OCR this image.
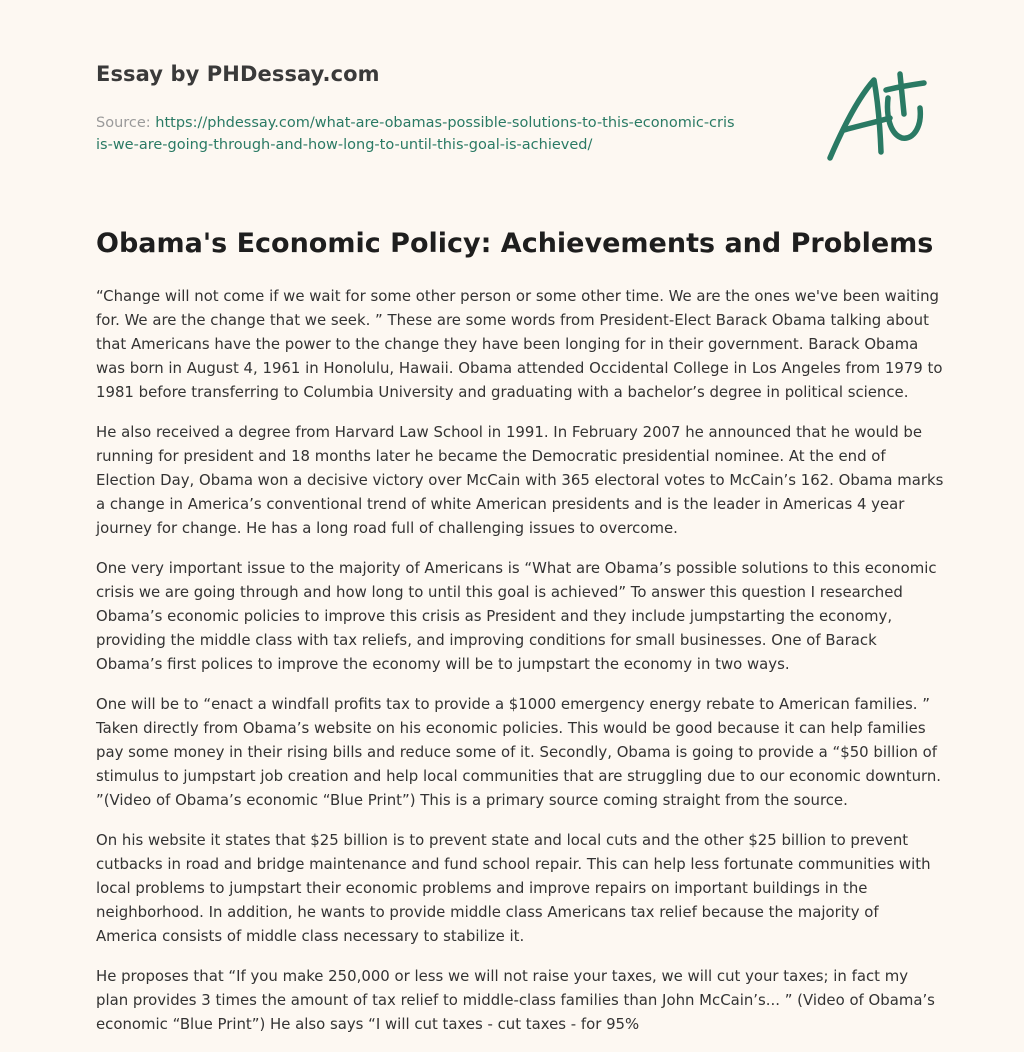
Essay by PHDessay.com
Source: https://phdessay.com/what-are-obamas-possible-solutions-to-this-economic-crisis-we-are-going-through-and-how-long-to-until-this-goal-is-achieved/
Obama's Economic Policy: Achievements and Problems

“Change will not come if we wait for some other person or some other time. We are the ones we've been waiting for. We are the change that we seek. ” These are some words from President-Elect Barack Obama talking about that Americans have the power to the change they have been longing for in their government. Barack Obama was born in August 4, 1961 in Honolulu, Hawaii. Obama attended Occidental College in Los Angeles from 1979 to 1981 before transferring to Columbia University and graduating with a bachelor’s degree in political science.

He also received a degree from Harvard Law School in 1991. In February 2007 he announced that he would be running for president and 18 months later he became the Democratic presidential nominee. At the end of Election Day, Obama won a decisive victory over McCain with 365 electoral votes to McCain’s 162. Obama marks a change in America’s conventional trend of white American presidents and is the leader in Americas 4 year journey for change. He has a long road full of challenging issues to overcome.

One very important issue to the majority of Americans is “What are Obama’s possible solutions to this economic crisis we are going through and how long to until this goal is achieved” To answer this question I researched Obama’s economic policies to improve this crisis as President and they include jumpstarting the economy, providing the middle class with tax reliefs, and improving conditions for small businesses. One of Barack Obama’s first polices to improve the economy will be to jumpstart the economy in two ways.

One will be to “enact a windfall profits tax to provide a $1000 emergency energy rebate to American families. ” Taken directly from Obama’s website on his economic policies. This would be good because it can help families pay some money in their rising bills and reduce some of it. Secondly, Obama is going to provide a “$50 billion of stimulus to jumpstart job creation and help local communities that are struggling due to our economic downturn. ”(Video of Obama’s economic “Blue Print”) This is a primary source coming straight from the source.

On his website it states that $25 billion is to prevent state and local cuts and the other $25 billion to prevent cutbacks in road and bridge maintenance and fund school repair. This can help less fortunate communities with local problems to jumpstart their economic problems and improve repairs on important buildings in the neighborhood. In addition, he wants to provide middle class Americans tax relief because the majority of America consists of middle class necessary to stabilize it.

He proposes that “If you make 250,000 or less we will not raise your taxes, we will cut your taxes; in fact my plan provides 3 times the amount of tax relief to middle-class families than John McCain’s... ” (Video of Obama’s economic “Blue Print”) He also says “I will cut taxes - cut taxes - for 95%
